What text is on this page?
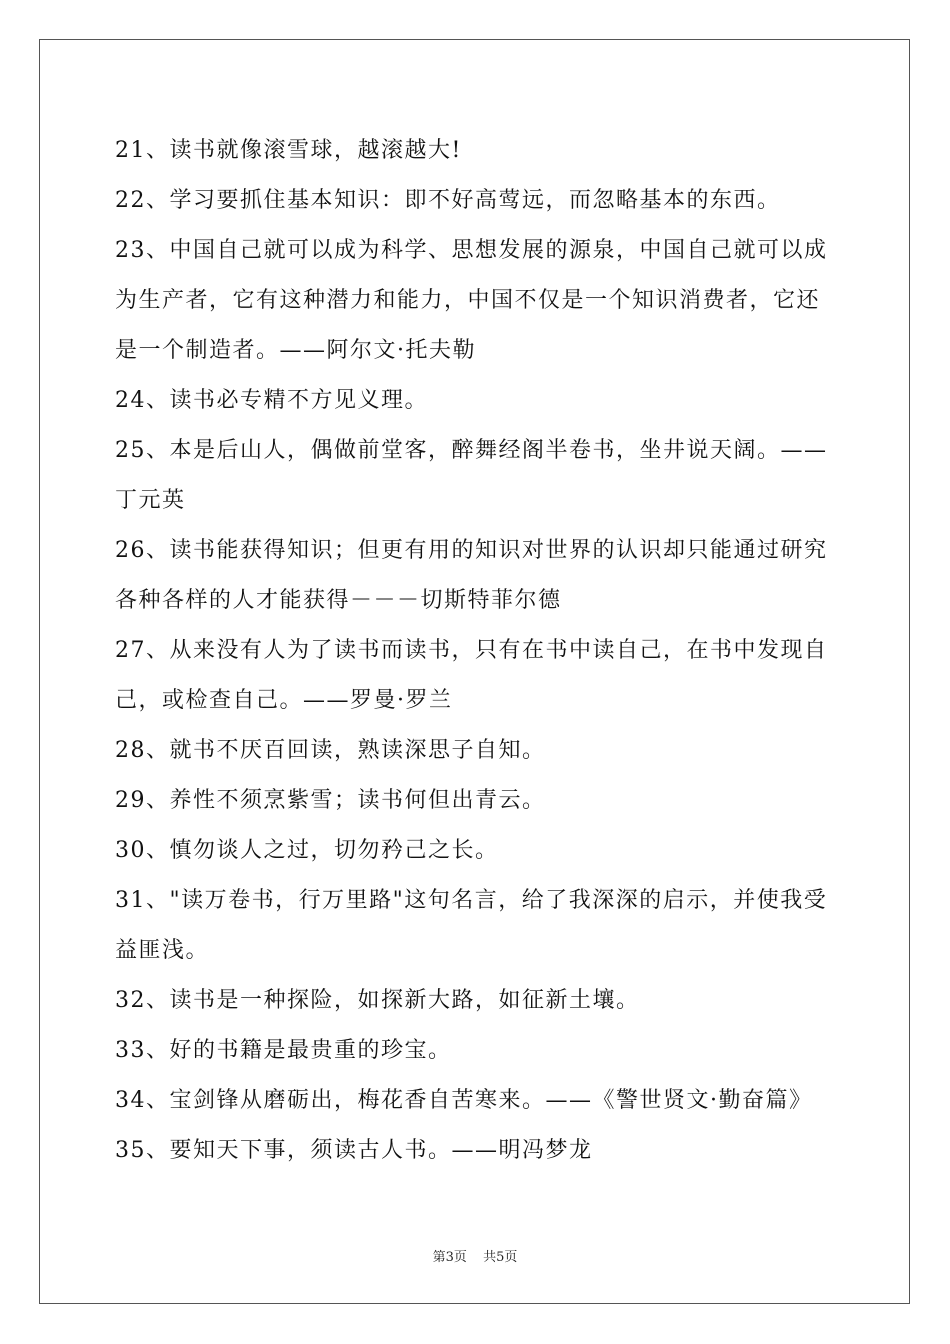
21、读书就像滚雪球，越滚越大!
22、学习要抓住基本知识：即不好高莺远，而忽略基本的东西。
23、中国自己就可以成为科学、思想发展的源泉，中国自己就可以成
为生产者，它有这种潜力和能力，中国不仅是一个知识消费者，它还
是一个制造者。——阿尔文·托夫勒
24、读书必专精不方见义理。
25、本是后山人，偶做前堂客，醉舞经阁半卷书，坐井说天阔。——
丁元英
26、读书能获得知识；但更有用的知识对世界的认识却只能通过研究
各种各样的人才能获得－－－切斯特菲尔德
27、从来没有人为了读书而读书，只有在书中读自己，在书中发现自
己，或检查自己。——罗曼·罗兰
28、就书不厌百回读，熟读深思子自知。
29、养性不须烹紫雪；读书何但出青云。
30、慎勿谈人之过，切勿矜己之长。
31、"读万卷书，行万里路"这句名言，给了我深深的启示，并使我受
益匪浅。
32、读书是一种探险，如探新大路，如征新土壤。
33、好的书籍是最贵重的珍宝。
34、宝剑锋从磨砺出，梅花香自苦寒来。——《警世贤文·勤奋篇》
35、要知天下事，须读古人书。——明冯梦龙
第3页 共5页
